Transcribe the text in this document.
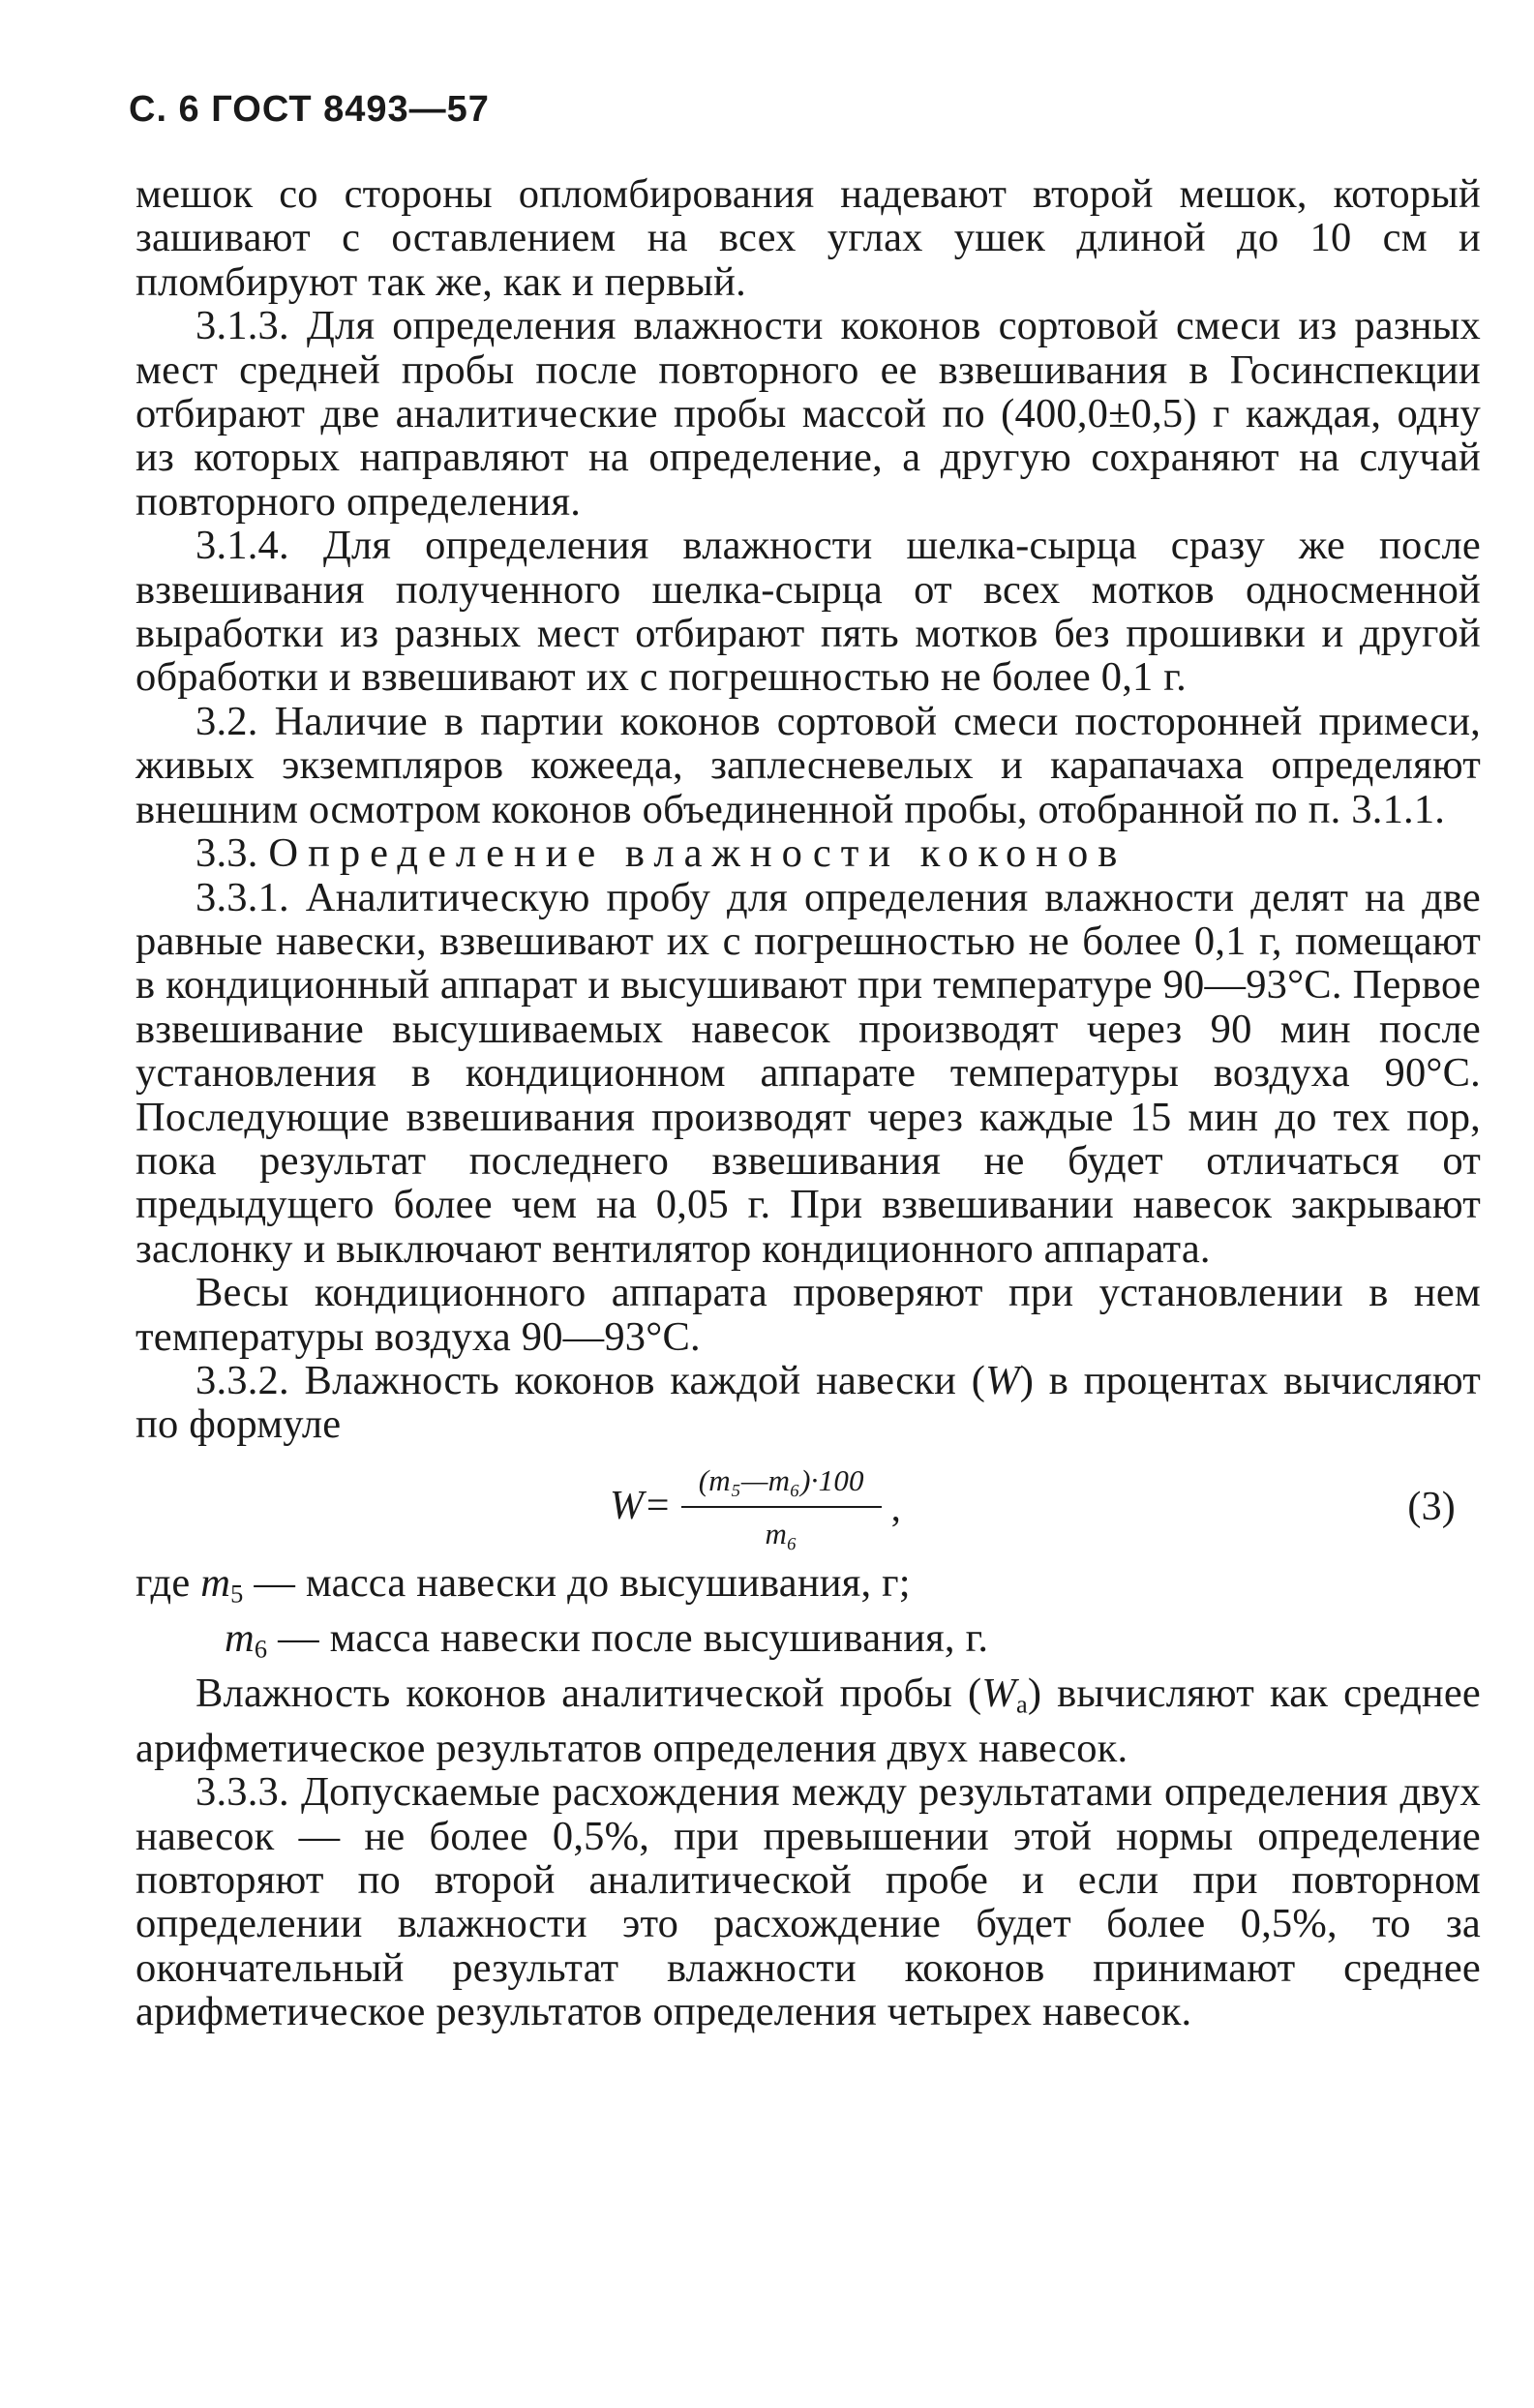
С. 6 ГОСТ 8493—57

мешок со стороны опломбирования надевают второй мешок, который зашивают с оставлением на всех углах ушек длиной до 10 см и пломбируют так же, как и первый.

3.1.3. Для определения влажности коконов сортовой смеси из разных мест средней пробы после повторного ее взвешивания в Госинспекции отбирают две аналитические пробы массой по (400,0±0,5) г каждая, одну из которых направляют на определение, а другую сохраняют на случай повторного определения.

3.1.4. Для определения влажности шелка-сырца сразу же после взвешивания полученного шелка-сырца от всех мотков односменной выработки из разных мест отбирают пять мотков без прошивки и другой обработки и взвешивают их с погрешностью не более 0,1 г.

3.2. Наличие в партии коконов сортовой смеси посторонней примеси, живых экземпляров кожееда, заплесневелых и карапачаха определяют внешним осмотром коконов объединенной пробы, отобранной по п. 3.1.1.

3.3. Определение влажности коконов

3.3.1. Аналитическую пробу для определения влажности делят на две равные навески, взвешивают их с погрешностью не более 0,1 г, помещают в кондиционный аппарат и высушивают при температуре 90—93°С. Первое взвешивание высушиваемых навесок производят через 90 мин после установления в кондиционном аппарате температуры воздуха 90°С. Последующие взвешивания производят через каждые 15 мин до тех пор, пока результат последнего взвешивания не будет отличаться от предыдущего более чем на 0,05 г. При взвешивании навесок закрывают заслонку и выключают вентилятор кондиционного аппарата.

Весы кондиционного аппарата проверяют при установлении в нем температуры воздуха 90—93°С.

3.3.2. Влажность коконов каждой навески (W) в процентах вычисляют по формуле

$W= \frac{\text{(m₅—m₆)·100}}{\text{m₆}}$ ,	(3)

где $m_5$ — масса навески до высушивания, г;

$m_6$ — масса навески после высушивания, г.

Влажность коконов аналитической пробы $(W_а)$ вычисляют как среднее арифметическое результатов определения двух навесок.

3.3.3. Допускаемые расхождения между результатами определения двух навесок — не более 0,5%, при превышении этой нормы определение повторяют по второй аналитической пробе и если при повторном определении влажности это расхождение будет более 0,5%, то за окончательный результат влажности коконов принимают среднее арифметическое результатов определения четырех навесок.
